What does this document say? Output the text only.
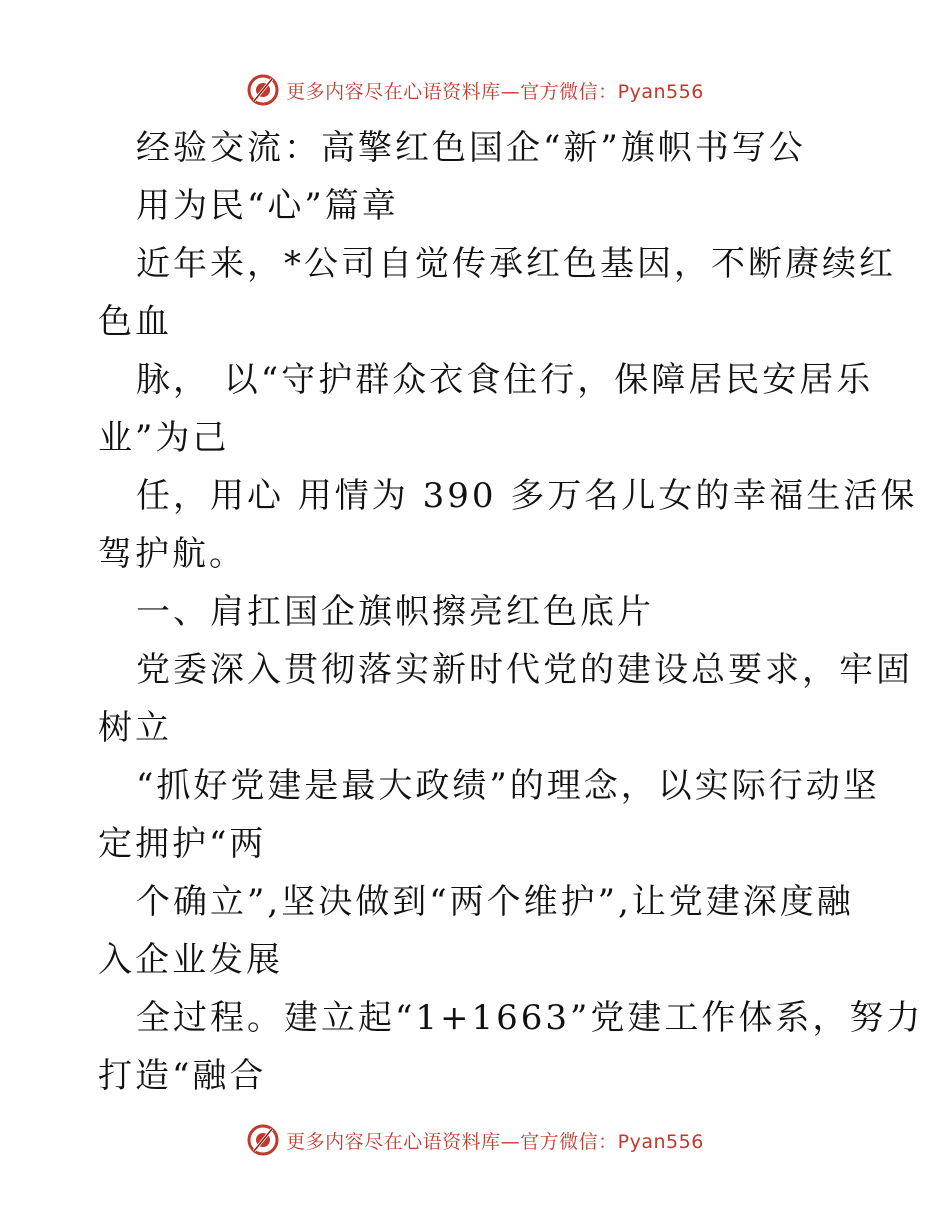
更多内容尽在心语资料库—官方微信：Pyan556
经验交流：高擎红色国企“新”旗帜书写公
用为民“心”篇章
近年来，*公司自觉传承红色基因，不断赓续红
色血
脉， 以“守护群众衣食住行，保障居民安居乐
业”为己
任，用心 用情为 390 多万名儿女的幸福生活保
驾护航。
一、肩扛国企旗帜擦亮红色底片
党委深入贯彻落实新时代党的建设总要求，牢固
树立
“抓好党建是最大政绩”的理念，以实际行动坚
定拥护“两
个确立”,坚决做到“两个维护”,让党建深度融
入企业发展
全过程。建立起“1+1663”党建工作体系，努力
打造“融合
更多内容尽在心语资料库—官方微信：Pyan556
